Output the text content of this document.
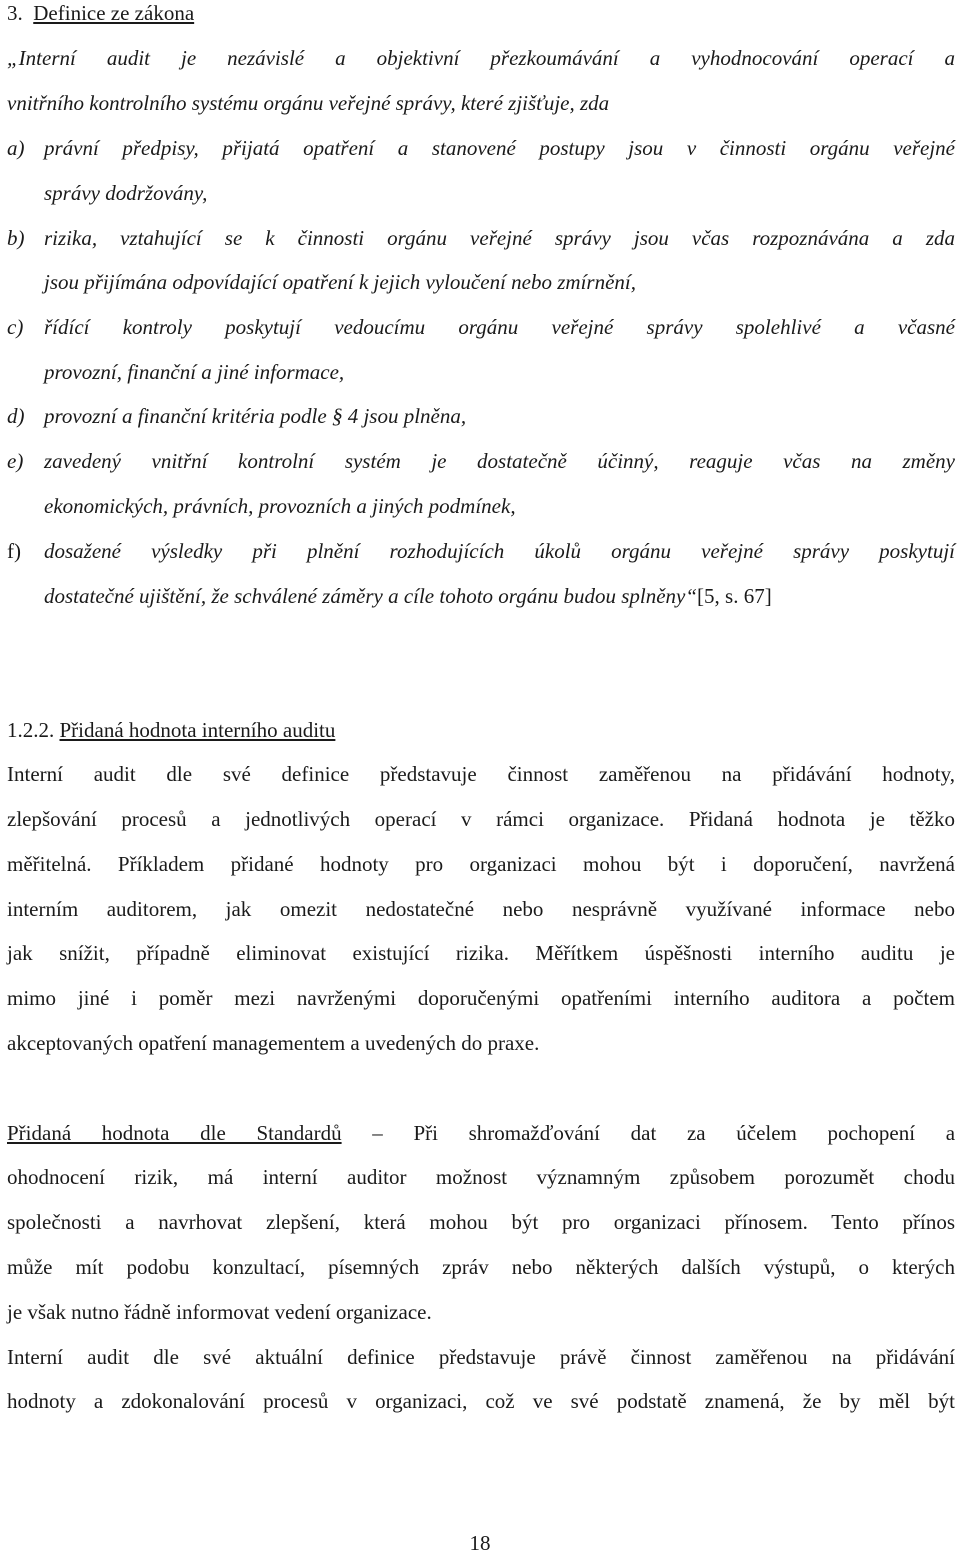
3. Definice ze zákona
„Interní audit je nezávislé a objektivní přezkoumávání a vyhodnocování operací a
vnitřního kontrolního systému orgánu veřejné správy, které zjišťuje, zda
a) právní předpisy, přijatá opatření a stanovené postupy jsou v činnosti orgánu veřejné
správy dodržovány,
b) rizika, vztahující se k činnosti orgánu veřejné správy jsou včas rozpoznávána a zda
jsou přijímána odpovídající opatření k jejich vyloučení nebo zmírnění,
c) řídící kontroly poskytují vedoucímu orgánu veřejné správy spolehlivé a včasné
provozní, finanční a jiné informace,
d) provozní a finanční kritéria podle § 4 jsou plněna,
e) zavedený vnitřní kontrolní systém je dostatečně účinný, reaguje včas na změny
ekonomických, právních, provozních a jiných podmínek,
f) dosažené výsledky při plnění rozhodujících úkolů orgánu veřejné správy poskytují
dostatečné ujištění, že schválené záměry a cíle tohoto orgánu budou splněny“[5, s. 67]
1.2.2. Přidaná hodnota interního auditu
Interní audit dle své definice představuje činnost zaměřenou na přidávání hodnoty,
zlepšování procesů a jednotlivých operací v rámci organizace. Přidaná hodnota je těžko
měřitelná. Příkladem přidané hodnoty pro organizaci mohou být i doporučení, navržená
interním auditorem, jak omezit nedostatečné nebo nesprávně využívané informace nebo
jak snížit, případně eliminovat existující rizika. Měřítkem úspěšnosti interního auditu je
mimo jiné i poměr mezi navrženými doporučenými opatřeními interního auditora a počtem
akceptovaných opatření managementem a uvedených do praxe.
Přidaná hodnota dle Standardů – Při shromažďování dat za účelem pochopení a
ohodnocení rizik, má interní auditor možnost významným způsobem porozumět chodu
společnosti a navrhovat zlepšení, která mohou být pro organizaci přínosem. Tento přínos
může mít podobu konzultací, písemných zpráv nebo některých dalších výstupů, o kterých
je však nutno řádně informovat vedení organizace.
Interní audit dle své aktuální definice představuje právě činnost zaměřenou na přidávání
hodnoty a zdokonalování procesů v organizaci, což ve své podstatě znamená, že by měl být
18
